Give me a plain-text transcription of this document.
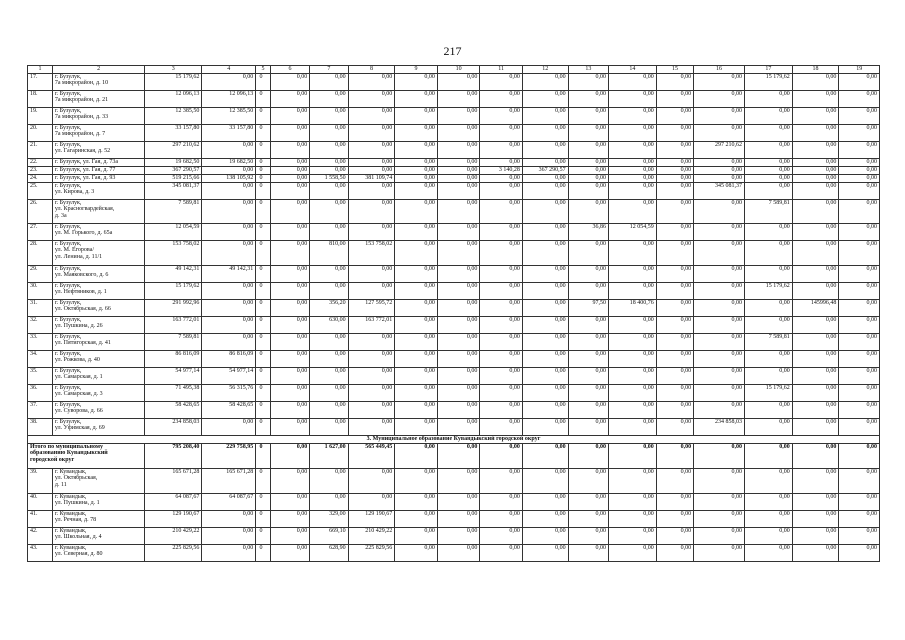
217
1	2	3	4	5	6	7	8	9	10	11	12	13	14	15	16	17	18	19
17.	г. Бузулук,
7а микрорайон, д. 10	15 179,62	0,00	0	0,00	0,00	0,00	0,00	0,00	0,00	0,00	0,00	0,00	0,00	0,00	15 179,62	0,00	0,00
18.	г. Бузулук,
7а микрорайон, д. 21	12 096,13	12 096,13	0	0,00	0,00	0,00	0,00	0,00	0,00	0,00	0,00	0,00	0,00	0,00	0,00	0,00	0,00
19.	г. Бузулук,
7а микрорайон, д. 33	12 385,50	12 385,50	0	0,00	0,00	0,00	0,00	0,00	0,00	0,00	0,00	0,00	0,00	0,00	0,00	0,00	0,00
20.	г. Бузулук,
7а микрорайон, д. 7	33 157,80	33 157,80	0	0,00	0,00	0,00	0,00	0,00	0,00	0,00	0,00	0,00	0,00	0,00	0,00	0,00	0,00
21.	г. Бузулук,
ул. Гагаринская, д. 52	297 210,62	0,00	0	0,00	0,00	0,00	0,00	0,00	0,00	0,00	0,00	0,00	0,00	297 210,62	0,00	0,00	0,00
22.	г. Бузулук, ул. Гая, д. 73а	19 682,50	19 682,50	0	0,00	0,00	0,00	0,00	0,00	0,00	0,00	0,00	0,00	0,00	0,00	0,00	0,00	0,00
23.	г. Бузулук, ул. Гая, д. 77	367 290,57	0,00	0	0,00	0,00	0,00	0,00	0,00	3 140,28	367 290,57	0,00	0,00	0,00	0,00	0,00	0,00	0,00
24.	г. Бузулук, ул. Гая, д. 93	519 215,66	138 105,92	0	0,00	1 558,50	381 109,74	0,00	0,00	0,00	0,00	0,00	0,00	0,00	0,00	0,00	0,00	0,00
25.	г. Бузулук,
ул. Кирова, д. 3	345 081,37	0,00	0	0,00	0,00	0,00	0,00	0,00	0,00	0,00	0,00	0,00	0,00	345 081,37	0,00	0,00	0,00
26.	г. Бузулук,
ул. Красногвардейская,
д. 3а	7 589,81	0,00	0	0,00	0,00	0,00	0,00	0,00	0,00	0,00	0,00	0,00	0,00	0,00	7 589,81	0,00	0,00
27.	г. Бузулук,
ул. М. Горького, д. 65а	12 054,59	0,00	0	0,00	0,00	0,00	0,00	0,00	0,00	0,00	36,86	12 054,59	0,00	0,00	0,00	0,00	0,00
28.	г. Бузулук,
ул. М. Егорова/
ул. Ленина, д. 11/1	153 758,02	0,00	0	0,00	810,00	153 758,02	0,00	0,00	0,00	0,00	0,00	0,00	0,00	0,00	0,00	0,00	0,00
29.	г. Бузулук,
ул. Маяковского, д. 6	49 142,31	49 142,31	0	0,00	0,00	0,00	0,00	0,00	0,00	0,00	0,00	0,00	0,00	0,00	0,00	0,00	0,00
30.	г. Бузулук,
ул. Нефтяников, д. 1	15 179,62	0,00	0	0,00	0,00	0,00	0,00	0,00	0,00	0,00	0,00	0,00	0,00	0,00	15 179,62	0,00	0,00
31.	г. Бузулук,
ул. Октябрьская, д. 66	291 992,96	0,00	0	0,00	356,20	127 595,72	0,00	0,00	0,00	0,00	97,50	18 400,76	0,00	0,00	0,00	145996,48	0,00
32.	г. Бузулук,
ул. Пушкина, д. 26	163 772,01	0,00	0	0,00	630,00	163 772,01	0,00	0,00	0,00	0,00	0,00	0,00	0,00	0,00	0,00	0,00	0,00
33.	г. Бузулук,
ул. Пятигорская, д. 41	7 589,81	0,00	0	0,00	0,00	0,00	0,00	0,00	0,00	0,00	0,00	0,00	0,00	0,00	7 589,81	0,00	0,00
34.	г. Бузулук,
ул. Рожкова, д. 40	86 816,09	86 816,09	0	0,00	0,00	0,00	0,00	0,00	0,00	0,00	0,00	0,00	0,00	0,00	0,00	0,00	0,00
35.	г. Бузулук,
ул. Самарская, д. 1	54 977,14	54 977,14	0	0,00	0,00	0,00	0,00	0,00	0,00	0,00	0,00	0,00	0,00	0,00	0,00	0,00	0,00
36.	г. Бузулук,
ул. Самарская, д. 3	71 495,38	56 315,76	0	0,00	0,00	0,00	0,00	0,00	0,00	0,00	0,00	0,00	0,00	0,00	15 179,62	0,00	0,00
37.	г. Бузулук,
ул. Суворова, д. 66	58 428,65	58 428,65	0	0,00	0,00	0,00	0,00	0,00	0,00	0,00	0,00	0,00	0,00	0,00	0,00	0,00	0,00
38.	г. Бузулук,
ул. Уфимская, д. 69	234 858,03	0,00	0	0,00	0,00	0,00	0,00	0,00	0,00	0,00	0,00	0,00	0,00	234 858,03	0,00	0,00	0,00
3. Муниципальное образование Кувандыкский городской округ																		
Итого по муниципальному
образованию Кувандыкский
городской округ		795 208,40	229 758,95	0	0,00	1 627,00	565 449,45	0,00	0,00	0,00	0,00	0,00	0,00	0,00	0,00	0,00	0,00	0,00
39.	г. Кувандык,
ул. Октябрьская,
д. 11	165 671,28	165 671,28	0	0,00	0,00	0,00	0,00	0,00	0,00	0,00	0,00	0,00	0,00	0,00	0,00	0,00	0,00
40.	г. Кувандык,
ул. Пушкина, д. 1	64 087,67	64 087,67	0	0,00	0,00	0,00	0,00	0,00	0,00	0,00	0,00	0,00	0,00	0,00	0,00	0,00	0,00
41.	г. Кувандык,
ул. Речная, д. 78	129 190,67	0,00	0	0,00	329,00	129 190,67	0,00	0,00	0,00	0,00	0,00	0,00	0,00	0,00	0,00	0,00	0,00
42.	г. Кувандык,
ул. Школьная, д. 4	210 429,22	0,00	0	0,00	669,10	210 429,22	0,00	0,00	0,00	0,00	0,00	0,00	0,00	0,00	0,00	0,00	0,00
43.	г. Кувандык,
ул. Северная, д. 80	225 829,56	0,00	0	0,00	628,90	225 829,56	0,00	0,00	0,00	0,00	0,00	0,00	0,00	0,00	0,00	0,00	0,00
